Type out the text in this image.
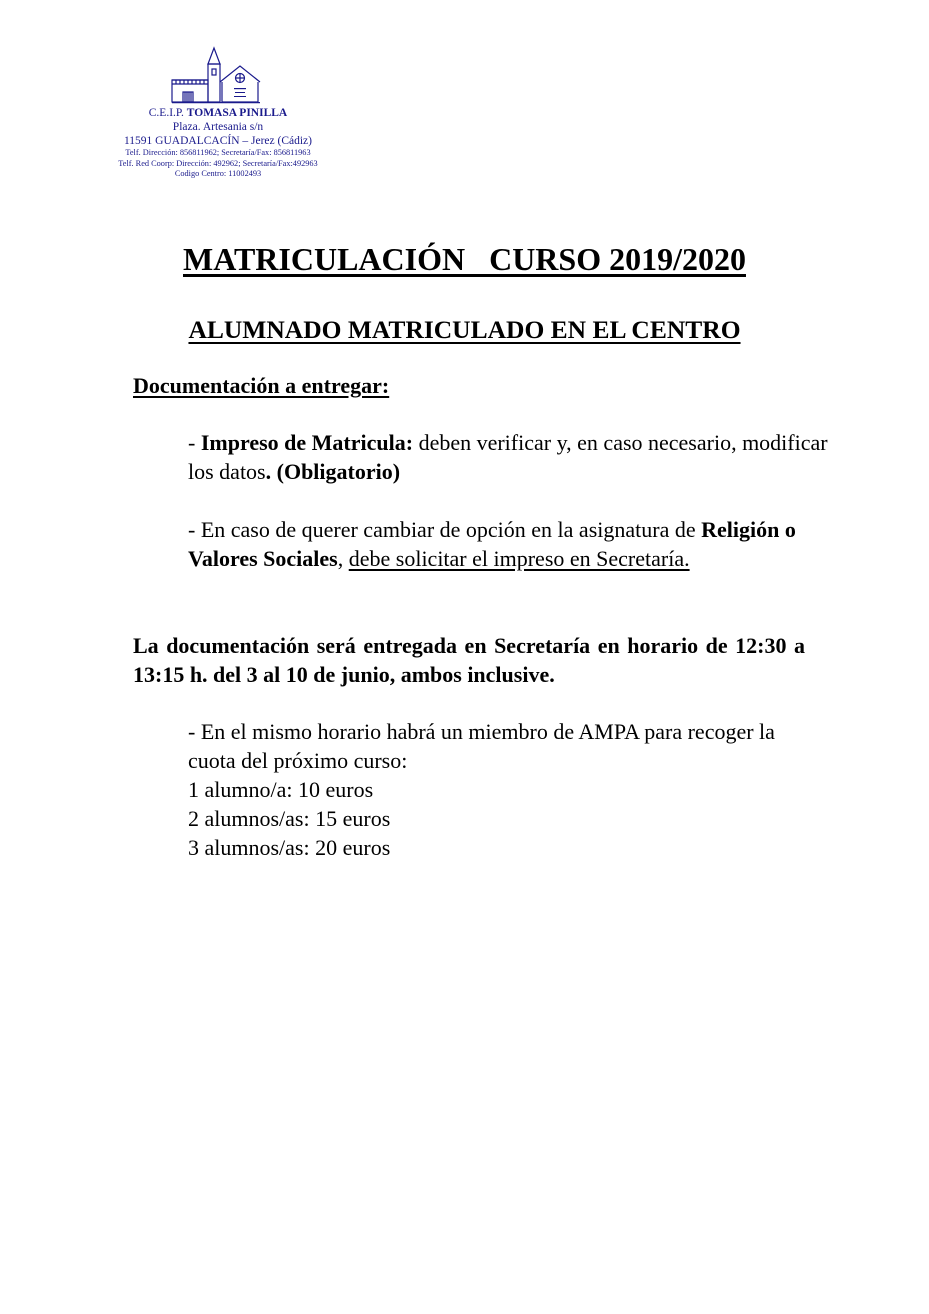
C.E.I.P. TOMASA PINILLA
Plaza. Artesania s/n
11591 GUADALCACÍN – Jerez (Cádiz)
Telf. Dirección: 856811962; Secretaría/Fax: 856811963
Telf. Red Coorp: Dirección: 492962; Secretaría/Fax:492963
Codigo Centro: 11002493
MATRICULACIÓN   CURSO 2019/2020
ALUMNADO MATRICULADO EN EL CENTRO
Documentación a entregar:
- Impreso de Matricula: deben verificar y, en caso necesario, modificar los datos. (Obligatorio)
- En caso de querer cambiar de opción en la asignatura de Religión o Valores Sociales, debe solicitar el impreso en Secretaría.
La documentación será entregada en Secretaría en horario de 12:30 a 13:15 h. del 3 al 10 de junio, ambos inclusive.
- En el mismo horario habrá un miembro de AMPA para recoger la cuota del próximo curso:
1 alumno/a: 10 euros
2 alumnos/as: 15 euros
3 alumnos/as: 20 euros
